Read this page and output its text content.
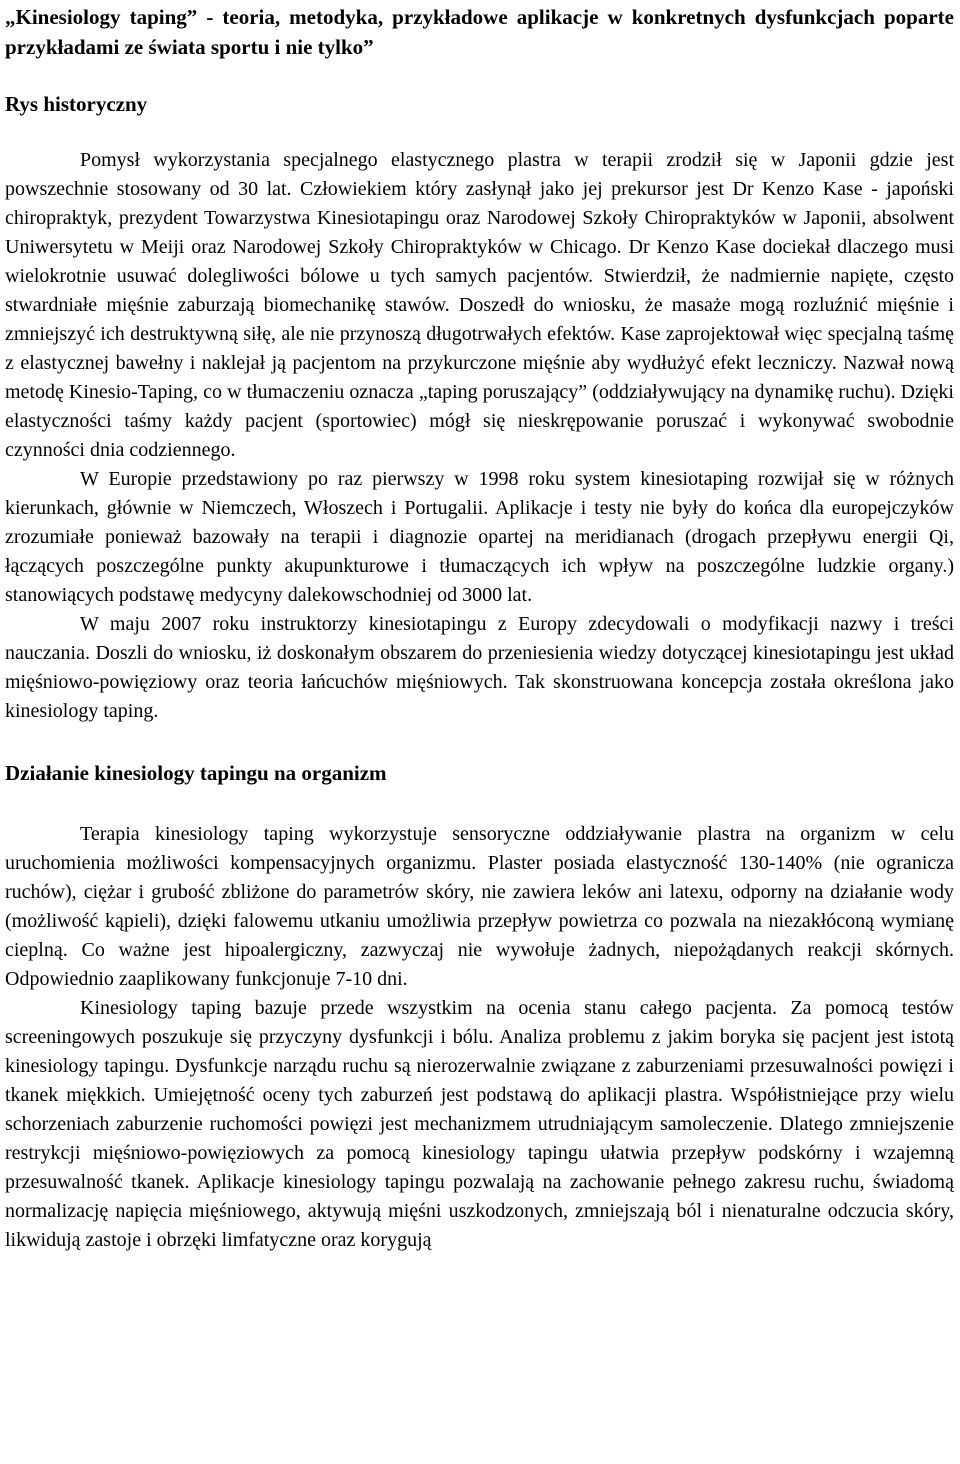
„Kinesiology taping” - teoria, metodyka, przykładowe aplikacje w konkretnych dysfunkcjach poparte przykładami ze świata sportu i nie tylko”
Rys historyczny

Pomysł wykorzystania specjalnego elastycznego plastra w terapii zrodził się w Japonii gdzie jest powszechnie stosowany od 30 lat. Człowiekiem który zasłynął jako jej prekursor jest Dr Kenzo Kase - japoński chiropraktyk, prezydent Towarzystwa Kinesiotapingu oraz Narodowej Szkoły Chiropraktyków w Japonii, absolwent Uniwersytetu w Meiji oraz Narodowej Szkoły Chiropraktyków w Chicago. Dr Kenzo Kase dociekał dlaczego musi wielokrotnie usuwać dolegliwości bólowe u tych samych pacjentów. Stwierdził, że nadmiernie napięte, często stwardniałe mięśnie zaburzają biomechanikę stawów. Doszedł do wniosku, że masaże mogą rozluźnić mięśnie i zmniejszyć ich destruktywną siłę, ale nie przynoszą długotrwałych efektów. Kase zaprojektował więc specjalną taśmę z elastycznej bawełny i naklejał ją pacjentom na przykurczone mięśnie aby wydłużyć efekt leczniczy. Nazwał nową metodę Kinesio-Taping, co w tłumaczeniu oznacza „taping poruszający” (oddziaływujący na dynamikę ruchu). Dzięki elastyczności taśmy każdy pacjent (sportowiec) mógł się nieskrępowanie poruszać i wykonywać swobodnie czynności dnia codziennego.

W Europie przedstawiony po raz pierwszy w 1998 roku system kinesiotaping rozwijał się w różnych kierunkach, głównie w Niemczech, Włoszech i Portugalii. Aplikacje i testy nie były do końca dla europejczyków zrozumiałe ponieważ bazowały na terapii i diagnozie opartej na meridianach (drogach przepływu energii Qi, łączących poszczególne punkty akupunkturowe i tłumaczących ich wpływ na poszczególne ludzkie organy.) stanowiących podstawę medycyny dalekowschodniej od 3000 lat.

W maju 2007 roku instruktorzy kinesiotapingu z Europy zdecydowali o modyfikacji nazwy i treści nauczania. Doszli do wniosku, iż doskonałym obszarem do przeniesienia wiedzy dotyczącej kinesiotapingu jest układ mięśniowo-powięziowy oraz teoria łańcuchów mięśniowych. Tak skonstruowana koncepcja została określona jako kinesiology taping.

Działanie kinesiology tapingu na organizm

Terapia kinesiology taping wykorzystuje sensoryczne oddziaływanie plastra na organizm w celu uruchomienia możliwości kompensacyjnych organizmu. Plaster posiada elastyczność 130-140% (nie ogranicza ruchów), ciężar i grubość zbliżone do parametrów skóry, nie zawiera leków ani latexu, odporny na działanie wody (możliwość kąpieli), dzięki falowemu utkaniu umożliwia przepływ powietrza co pozwala na niezakłóconą wymianę cieplną. Co ważne jest hipoalergiczny, zazwyczaj nie wywołuje żadnych, niepożądanych reakcji skórnych. Odpowiednio zaaplikowany funkcjonuje 7-10 dni.

Kinesiology taping bazuje przede wszystkim na ocenia stanu całego pacjenta. Za pomocą testów screeningowych poszukuje się przyczyny dysfunkcji i bólu. Analiza problemu z jakim boryka się pacjent jest istotą kinesiology tapingu. Dysfunkcje narządu ruchu są nierozerwalnie związane z zaburzeniami przesuwalności powięzi i tkanek miękkich. Umiejętność oceny tych zaburzeń jest podstawą do aplikacji plastra. Współistniejące przy wielu schorzeniach zaburzenie ruchomości powięzi jest mechanizmem utrudniającym samoleczenie. Dlatego zmniejszenie restrykcji mięśniowo-powięziowych za pomocą kinesiology tapingu ułatwia przepływ podskórny i wzajemną przesuwalność tkanek. Aplikacje kinesiology tapingu pozwalają na zachowanie pełnego zakresu ruchu, świadomą normalizację napięcia mięśniowego, aktywują mięśni uszkodzonych, zmniejszają ból i nienaturalne odczucia skóry, likwidują zastoje i obrzęki limfatyczne oraz korygują
